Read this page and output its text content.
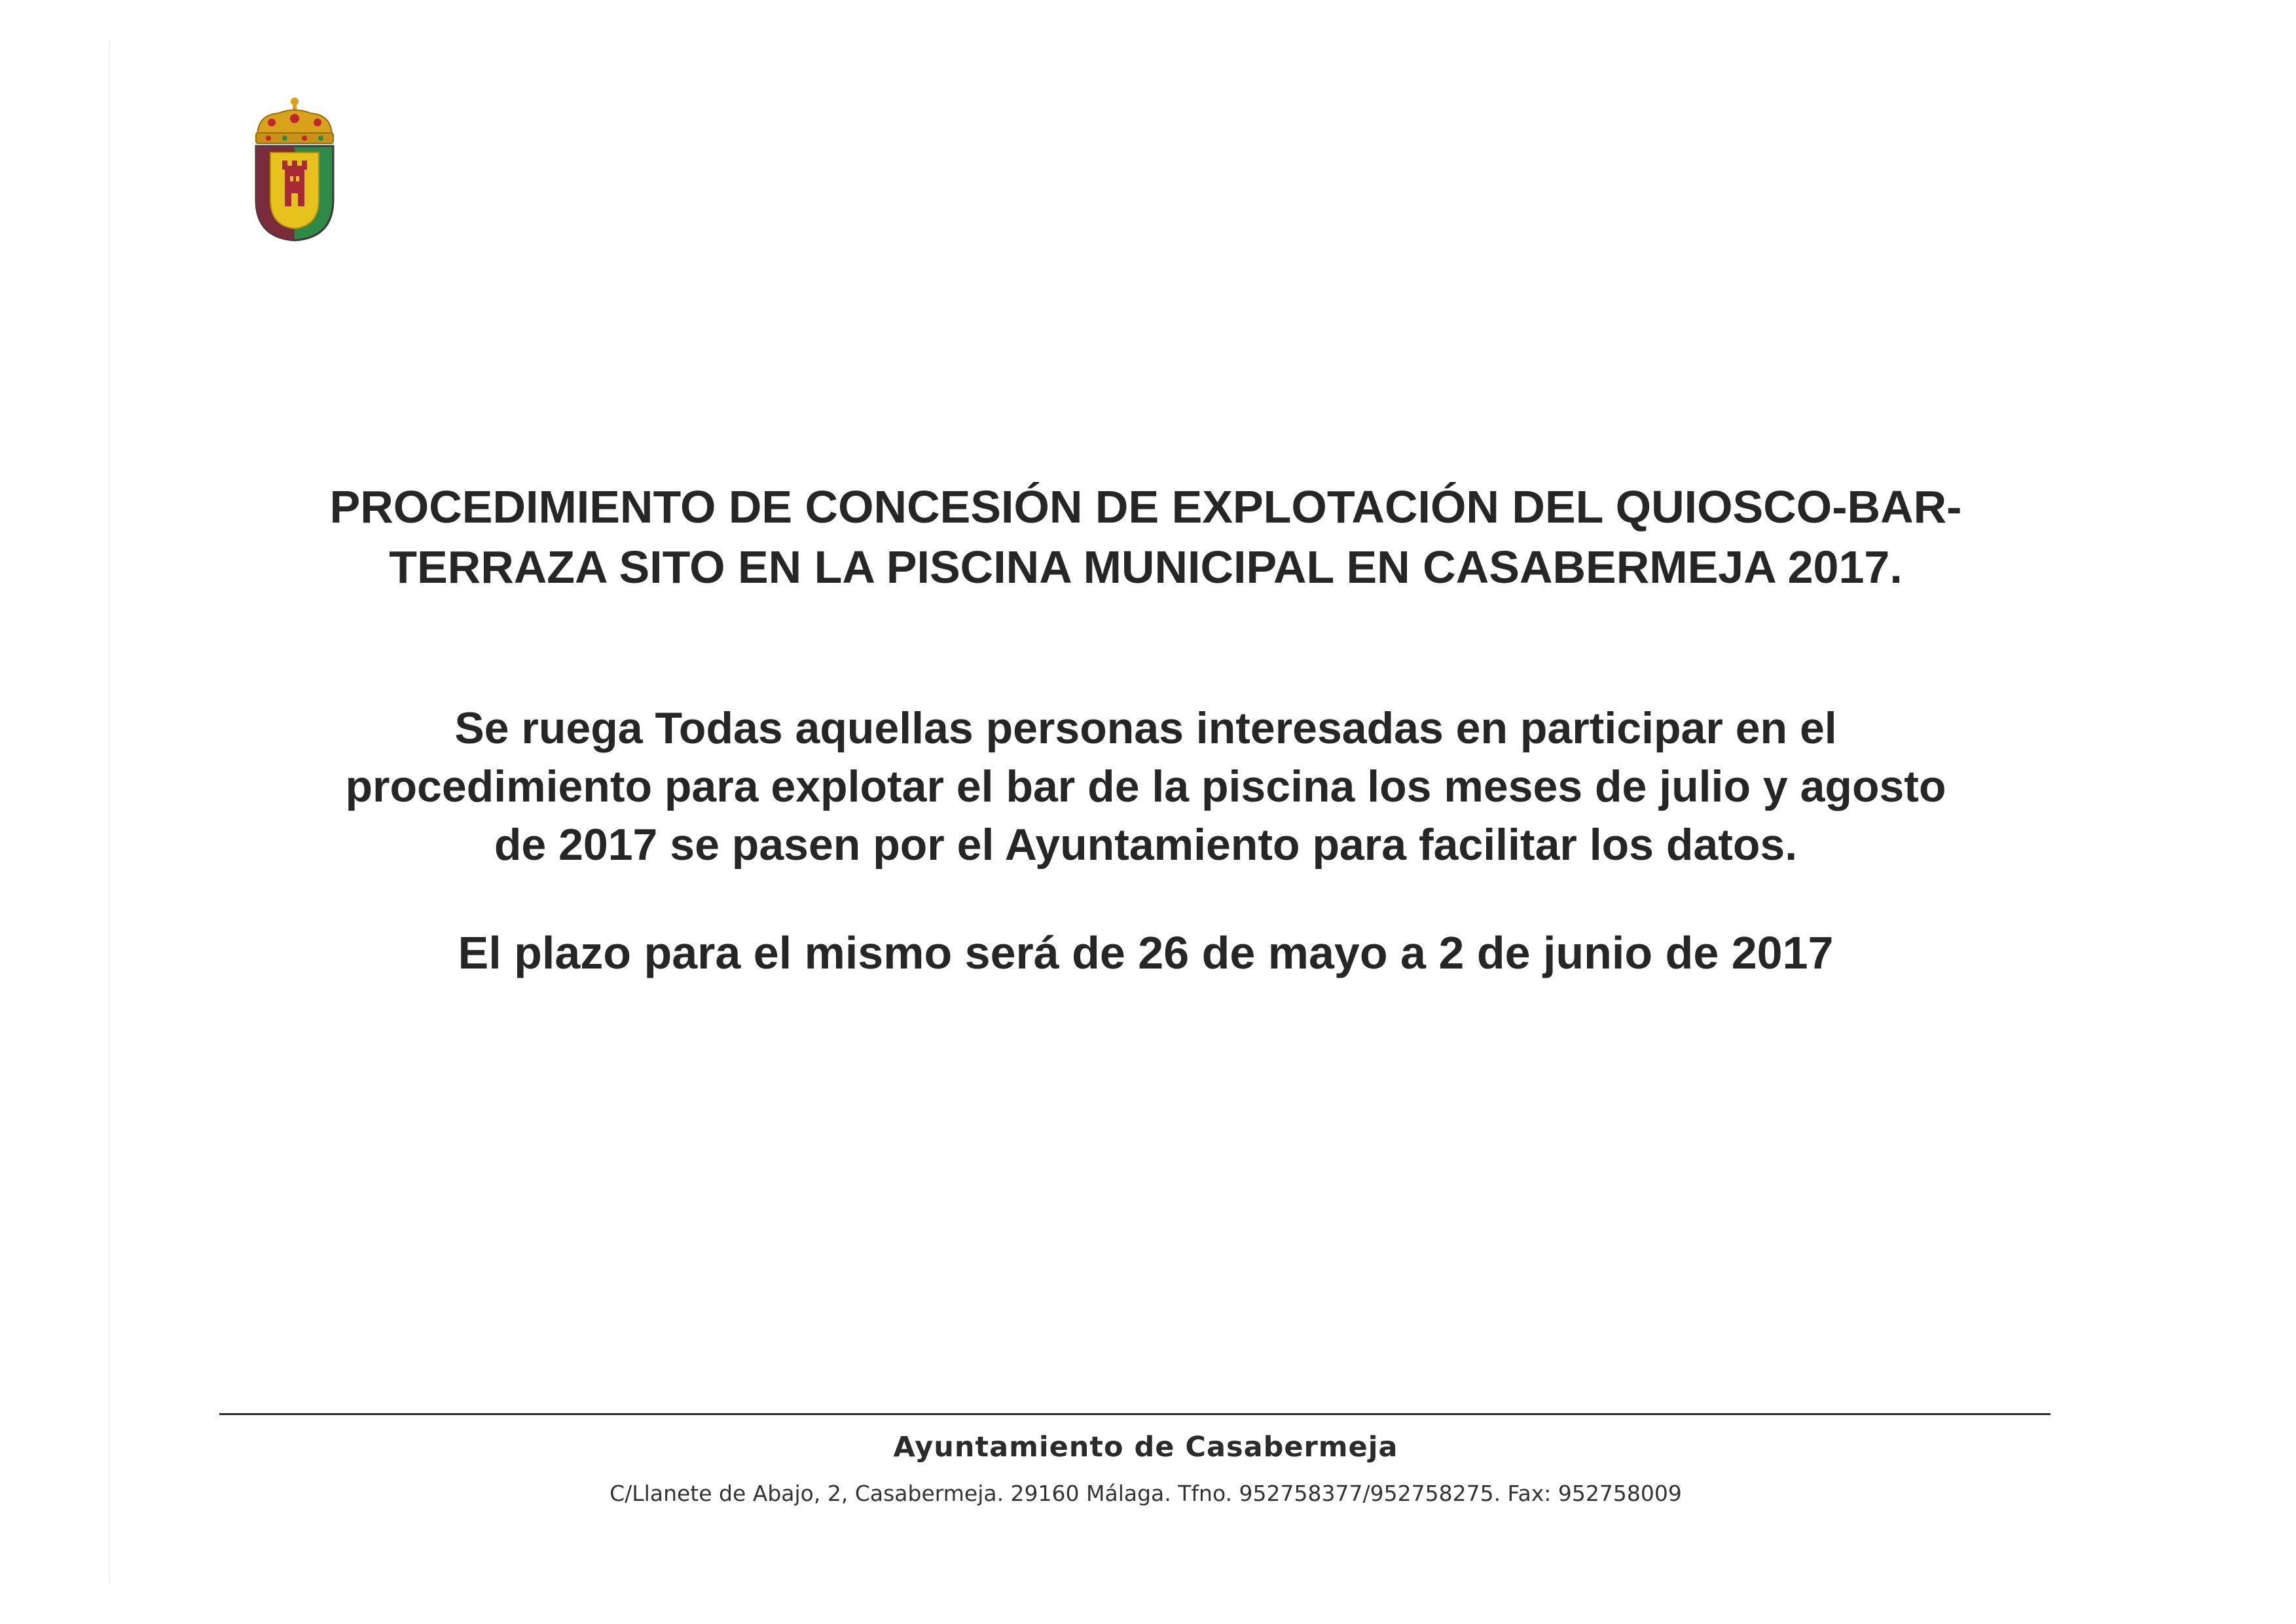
PROCEDIMIENTO DE CONCESIÓN DE EXPLOTACIÓN DEL QUIOSCO-BAR-
TERRAZA SITO EN LA PISCINA MUNICIPAL EN CASABERMEJA 2017.

Se ruega Todas aquellas personas interesadas en participar en el
procedimiento para explotar el bar de la piscina los meses de julio y agosto
de 2017 se pasen por el Ayuntamiento para facilitar los datos.

El plazo para el mismo será de 26 de mayo a 2 de junio de 2017

Ayuntamiento de Casabermeja
C/Llanete de Abajo, 2, Casabermeja. 29160 Málaga. Tfno. 952758377/952758275. Fax: 952758009
